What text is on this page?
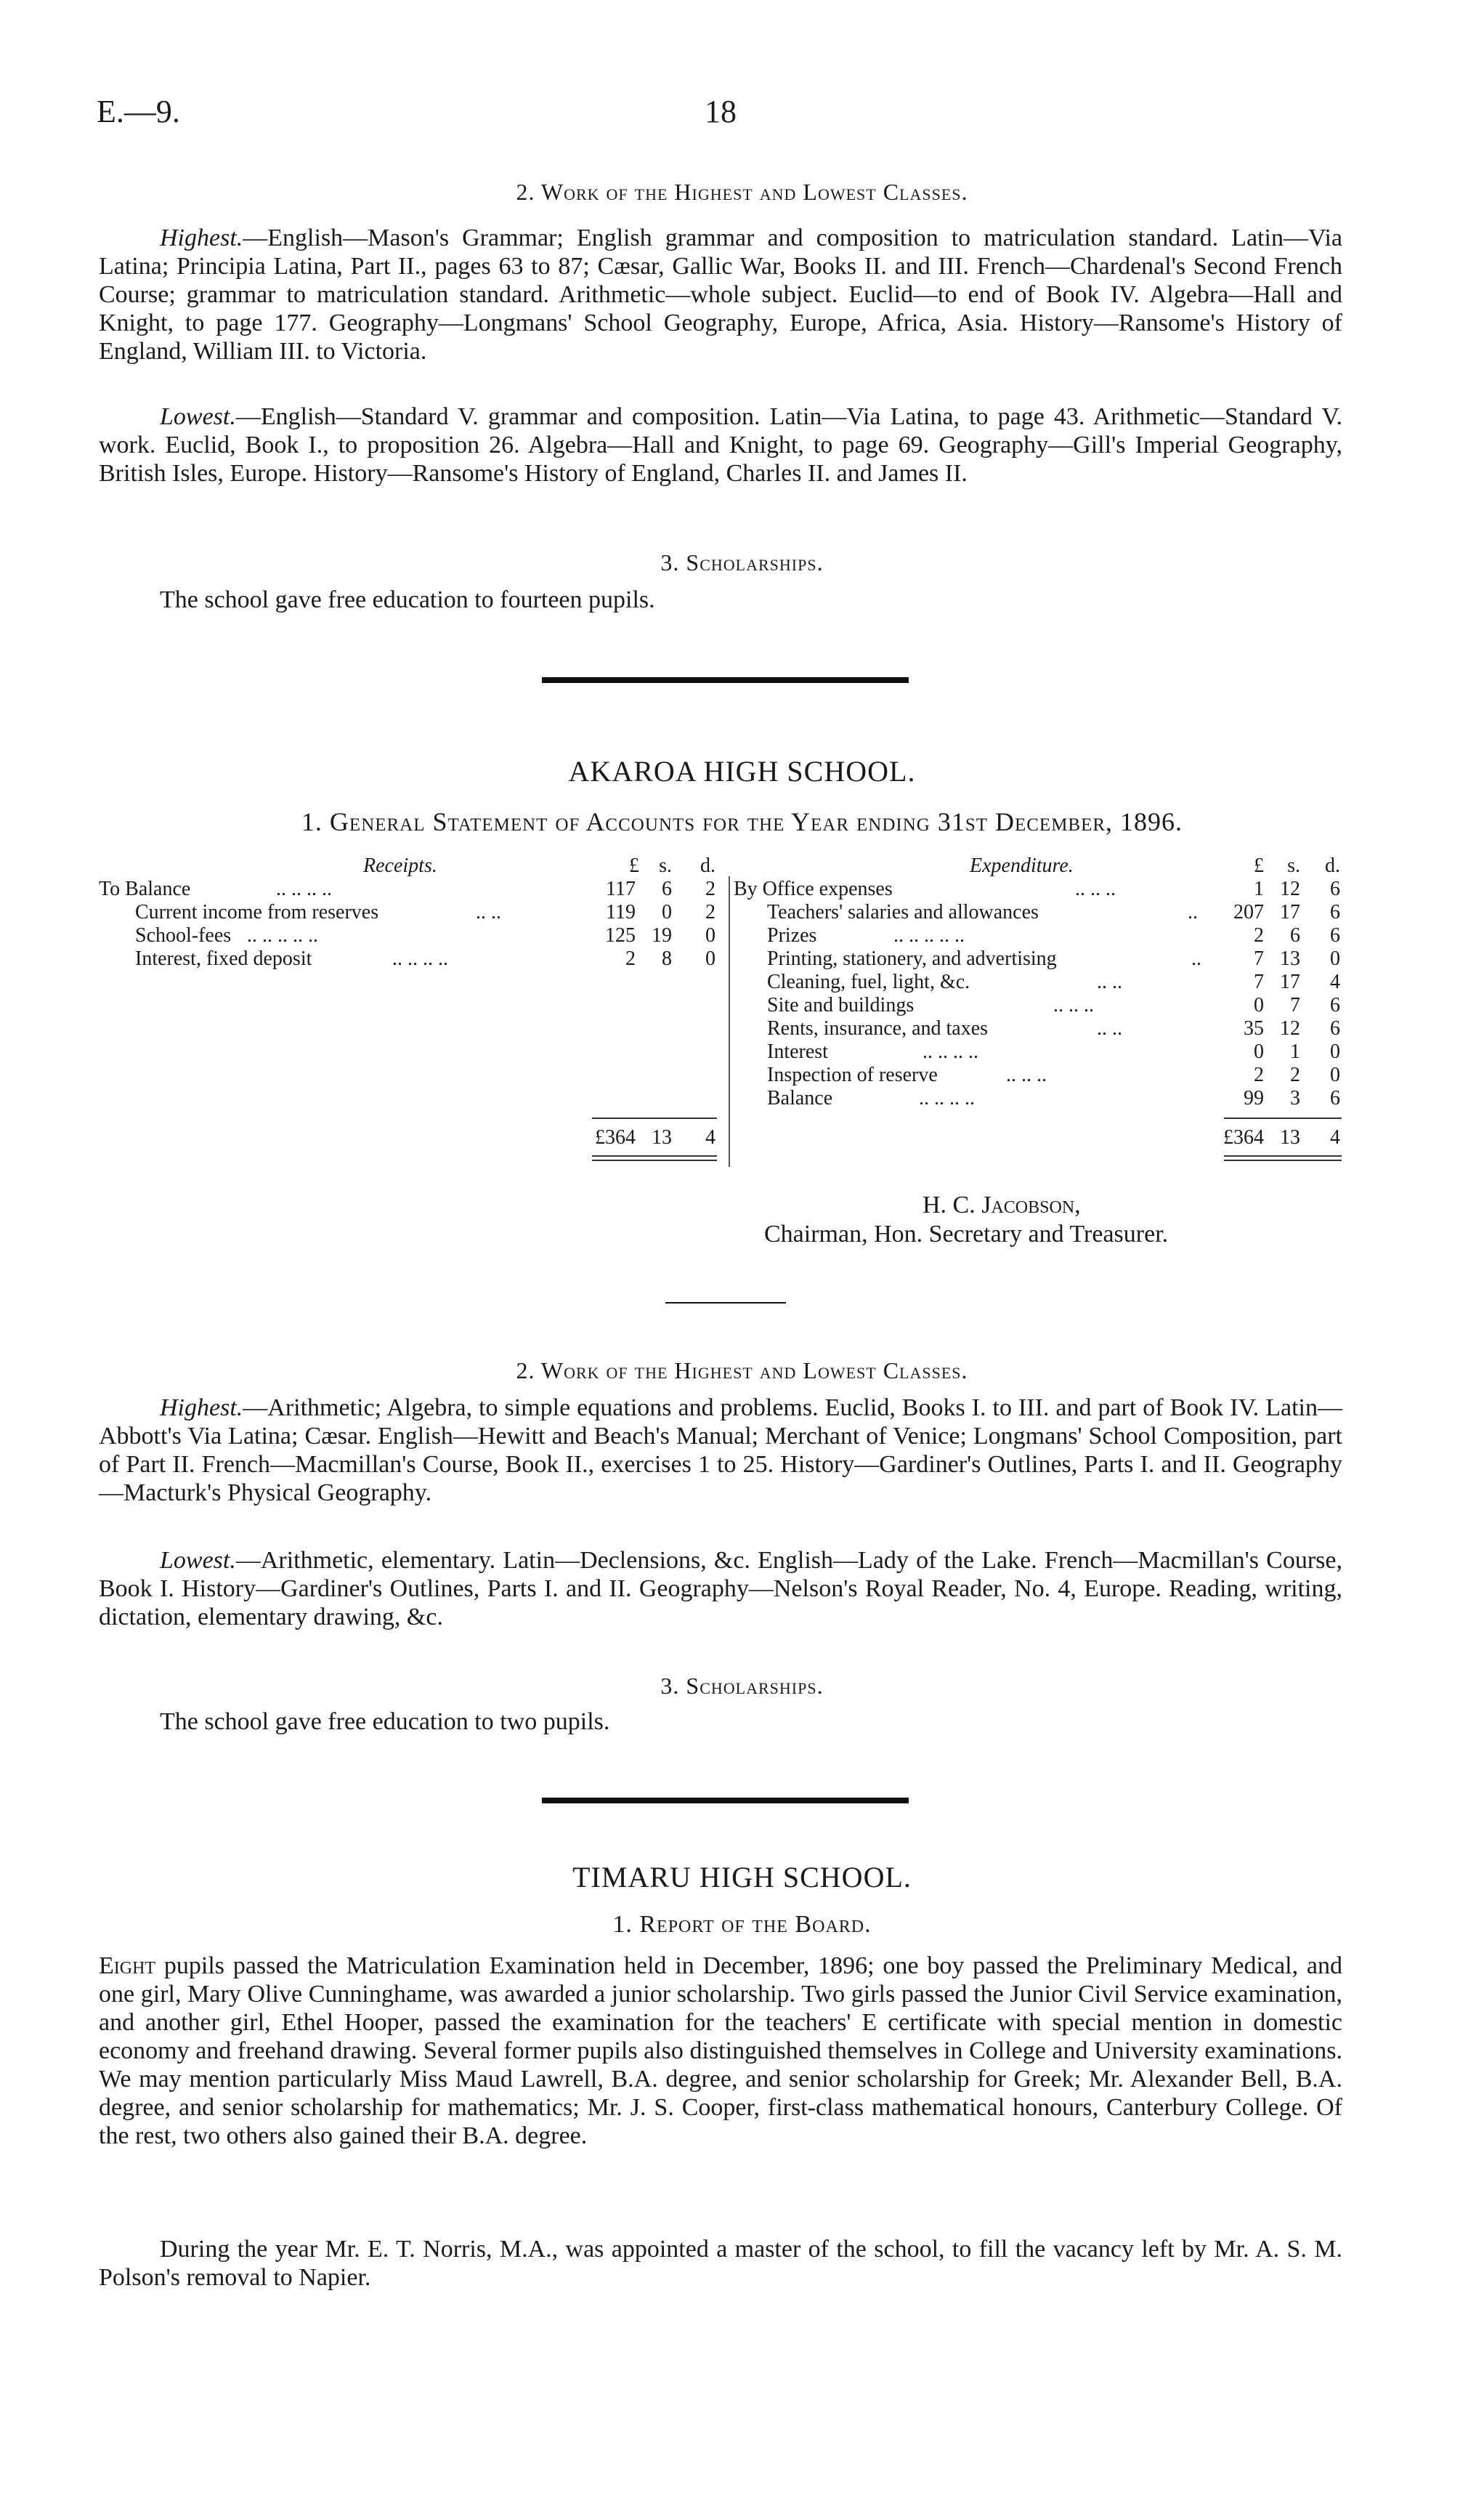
E.—9.	18
2. Work of the Highest and Lowest Classes.
Highest.—English—Mason's Grammar; English grammar and composition to matriculation standard. Latin—Via Latina; Principia Latina, Part II., pages 63 to 87; Cæsar, Gallic War, Books II. and III. French—Chardenal's Second French Course; grammar to matriculation standard. Arithmetic—whole subject. Euclid—to end of Book IV. Algebra—Hall and Knight, to page 177. Geography—Longmans' School Geography, Europe, Africa, Asia. History—Ransome's History of England, William III. to Victoria.
Lowest.—English—Standard V. grammar and composition. Latin—Via Latina, to page 43. Arithmetic—Standard V. work. Euclid, Book I., to proposition 26. Algebra—Hall and Knight, to page 69. Geography—Gill's Imperial Geography, British Isles, Europe. History—Ransome's History of England, Charles II. and James II.
3. Scholarships.
The school gave free education to fourteen pupils.
AKAROA HIGH SCHOOL.
1. General Statement of Accounts for the Year ending 31st December, 1896.
Receipts.	£ s.	d.
To Balance	.. .. .. ..	117	6	2
Current income from reserves	.. ..	119	0	2
School-fees .. .. .. .. ..	125 19	0
Interest, fixed deposit	.. .. .. ..	2	8	0
£364 13	4
Expenditure.	£	s.	d.
By Office expenses	.. .. ..	1 12	6
Teachers' salaries and allowances	..	207 17	6
Prizes	.. .. .. .. ..	2	6	6
Printing, stationery, and advertising	..	7 13	0
Cleaning, fuel, light, &c.	.. ..	7 17	4
Site and buildings	.. .. ..	0	7	6
Rents, insurance, and taxes	.. ..	35 12	6
Interest	.. .. .. ..	0	1	0
Inspection of reserve	.. .. ..	2	2	0
Balance	.. .. .. ..	99	3	6
£364 13	4
H. C. Jacobson,
Chairman, Hon. Secretary and Treasurer.
2. Work of the Highest and Lowest Classes.
Highest.—Arithmetic; Algebra, to simple equations and problems. Euclid, Books I. to III. and part of Book IV. Latin—Abbott's Via Latina; Cæsar. English—Hewitt and Beach's Manual; Merchant of Venice; Longmans' School Composition, part of Part II. French—Macmillan's Course, Book II., exercises 1 to 25. History—Gardiner's Outlines, Parts I. and II. Geography—Macturk's Physical Geography.
Lowest.—Arithmetic, elementary. Latin—Declensions, &c. English—Lady of the Lake. French—Macmillan's Course, Book I. History—Gardiner's Outlines, Parts I. and II. Geography—Nelson's Royal Reader, No. 4, Europe. Reading, writing, dictation, elementary drawing, &c.
3. Scholarships.
The school gave free education to two pupils.
TIMARU HIGH SCHOOL.
1. Report of the Board.
Eight pupils passed the Matriculation Examination held in December, 1896; one boy passed the Preliminary Medical, and one girl, Mary Olive Cunninghame, was awarded a junior scholarship. Two girls passed the Junior Civil Service examination, and another girl, Ethel Hooper, passed the examination for the teachers' E certificate with special mention in domestic economy and freehand drawing. Several former pupils also distinguished themselves in College and University examinations. We may mention particularly Miss Maud Lawrell, B.A. degree, and senior scholarship for Greek; Mr. Alexander Bell, B.A. degree, and senior scholarship for mathematics; Mr. J. S. Cooper, first-class mathematical honours, Canterbury College. Of the rest, two others also gained their B.A. degree.
During the year Mr. E. T. Norris, M.A., was appointed a master of the school, to fill the vacancy left by Mr. A. S. M. Polson's removal to Napier.
